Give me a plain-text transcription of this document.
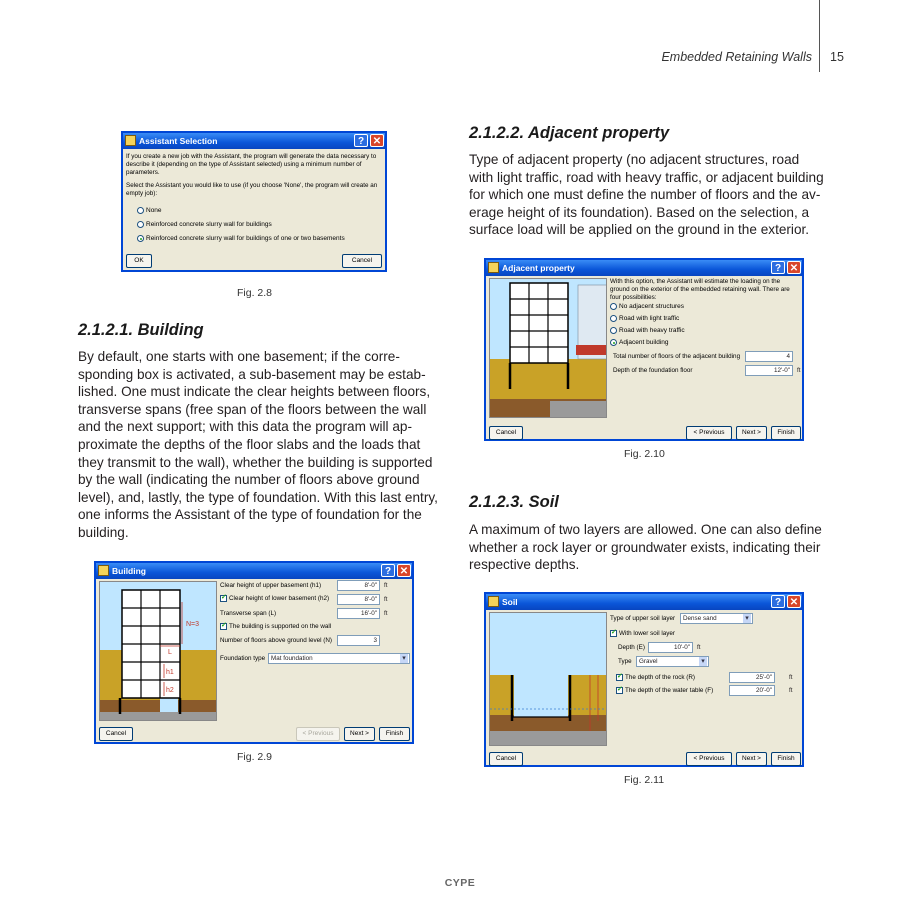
Embedded Retaining Walls 15
Assistant Selection	? ✕
If you create a new job with the Assistant, the program will generate the data necessary to describe it (depending on the type of Assistant selected) using a minimum number of parameters.
Select the Assistant you would like to use (if you choose 'None', the program will create an empty job):
None
Reinforced concrete slurry wall for buildings
Reinforced concrete slurry wall for buildings of one or two basements
OK	Cancel
Fig. 2.8
2.1.2.1. Building
By default, one starts with one basement; if the corre-
sponding box is activated, a sub-basement may be estab-
lished. One must indicate the clear heights between floors,
transverse spans (free span of the floors between the wall
and the next support; with this data the program will ap-
proximate the depths of the floor slabs and the loads that
they transmit to the wall), whether the building is supported
by the wall (indicating the number of floors above ground
level), and, lastly, the type of foundation. With this last entry,
one informs the Assistant of the type of foundation for the
building.
Building	? ✕
N=3
L
h1
h2
Clear height of upper basement (h1)	8'-0"	ft
✓Clear height of lower basement (h2)	8'-0"	ft
Transverse span (L)	16'-0"	ft
✓The building is supported on the wall
Number of floors above ground level (N)	3
Foundation type Mat foundation ▾
Cancel	< Previous	Next >	Finish
Fig. 2.9
2.1.2.2. Adjacent property
Type of adjacent property (no adjacent structures, road
with light traffic, road with heavy traffic, or adjacent building
for which one must define the number of floors and the av-
erage height of its foundation). Based on the selection, a
surface load will be applied on the ground in the exterior.
Adjacent property	? ✕
With this option, the Assistant will estimate the loading on the ground on the exterior of the embedded retaining wall. There are four possibilities:
No adjacent structures
Road with light traffic
Road with heavy traffic
Adjacent building
Total number of floors of the adjacent building	4
Depth of the foundation floor	12'-0"	ft
Cancel	< Previous	Next >	Finish
Fig. 2.10
2.1.2.3. Soil
A maximum of two layers are allowed. One can also define
whether a rock layer or groundwater exists, indicating their
respective depths.
Soil	? ✕
Type of upper soil layer	Dense sand ▾
✓With lower soil layer
Depth (E)	10'-0"	ft
Type	Gravel ▾
✓The depth of the rock (R)	25'-0"	ft
✓The depth of the water table (F)	20'-0"	ft
Cancel	< Previous	Next >	Finish
Fig. 2.11
CYPE
